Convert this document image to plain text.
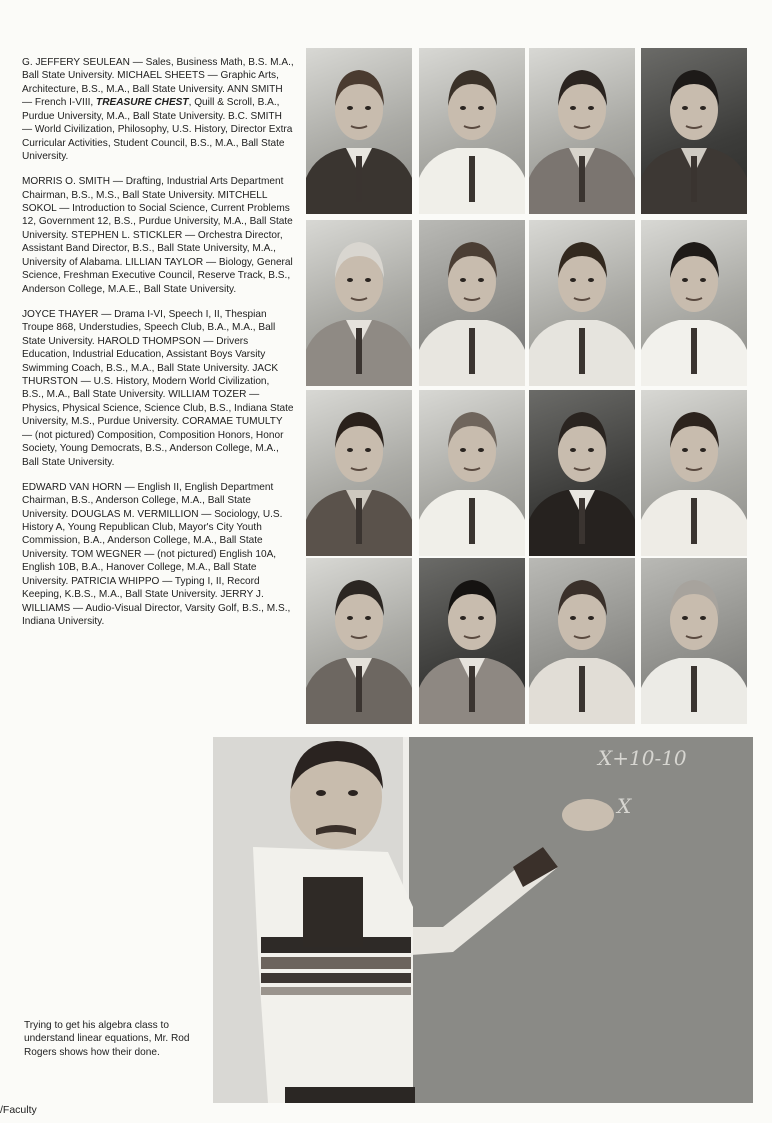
G. JEFFERY SEULEAN — Sales, Business Math, B.S. M.A., Ball State University. MICHAEL SHEETS — Graphic Arts, Architecture, B.S., M.A., Ball State University. ANN SMITH — French I-VIII, TREASURE CHEST, Quill & Scroll, B.A., Purdue University, M.A., Ball State University. B.C. SMITH — World Civilization, Philosophy, U.S. History, Director Extra Curricular Activities, Student Council, B.S., M.A., Ball State University.

MORRIS O. SMITH — Drafting, Industrial Arts Department Chairman, B.S., M.S., Ball State University. MITCHELL SOKOL — Introduction to Social Science, Current Problems 12, Government 12, B.S., Purdue University, M.A., Ball State University. STEPHEN L. STICKLER — Orchestra Director, Assistant Band Director, B.S., Ball State University, M.A., University of Alabama. LILLIAN TAYLOR — Biology, General Science, Freshman Executive Council, Reserve Track, B.S., Anderson College, M.A.E., Ball State University.

JOYCE THAYER — Drama I-VI, Speech I, II, Thespian Troupe 868, Understudies, Speech Club, B.A., M.A., Ball State University. HAROLD THOMPSON — Drivers Education, Industrial Education, Assistant Boys Varsity Swimming Coach, B.S., M.A., Ball State University. JACK THURSTON — U.S. History, Modern World Civilization, B.S., M.A., Ball State University. WILLIAM TOZER — Physics, Physical Science, Science Club, B.S., Indiana State University, M.S., Purdue University. CORAMAE TUMULTY — (not pictured) Composition, Composition Honors, Honor Society, Young Democrats, B.S., Anderson College, M.A., Ball State University.

EDWARD VAN HORN — English II, English Department Chairman, B.S., Anderson College, M.A., Ball State University. DOUGLAS M. VERMILLION — Sociology, U.S. History A, Young Republican Club, Mayor's City Youth Commission, B.A., Anderson College, M.A., Ball State University. TOM WEGNER — (not pictured) English 10A, English 10B, B.A., Hanover College, M.A., Ball State University. PATRICIA WHIPPO — Typing I, II, Record Keeping, K.B.S., M.A., Ball State University. JERRY J. WILLIAMS — Audio-Visual Director, Varsity Golf, B.S., M.S., Indiana University.

X+10-10
X
Trying to get his algebra class to understand linear equations, Mr. Rod Rogers shows how their done.
/Faculty
